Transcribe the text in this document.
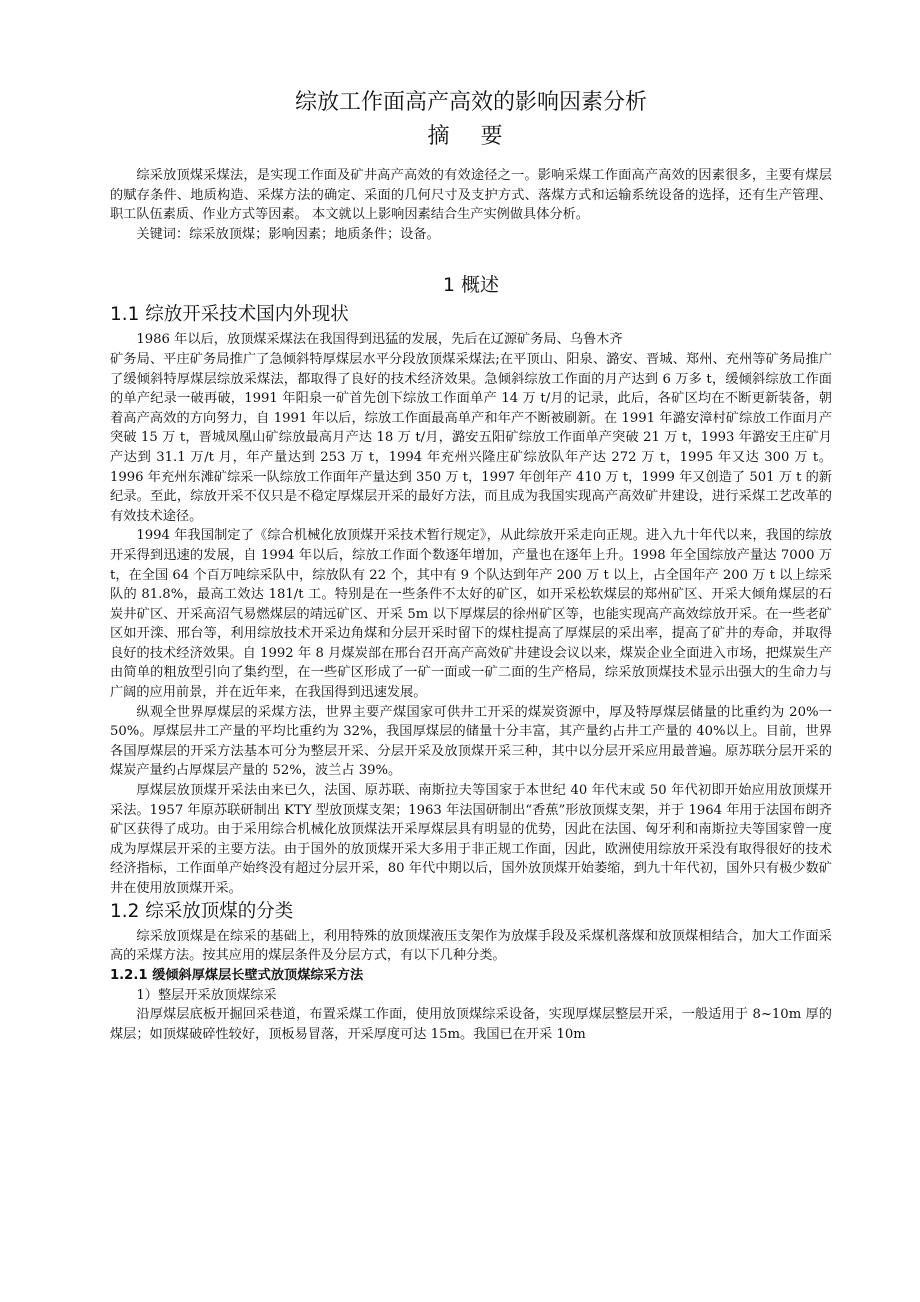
综放工作面高产高效的影响因素分析
摘 要

综采放顶煤采煤法，是实现工作面及矿井高产高效的有效途径之一。影响采煤工作面高产高效的因素很多，主要有煤层的赋存条件、地质构造、采煤方法的确定、采面的几何尺寸及支护方式、落煤方式和运输系统设备的选择，还有生产管理、职工队伍素质、作业方式等因素。 本文就以上影响因素结合生产实例做具体分析。

关键词：综采放顶煤；影响因素；地质条件；设备。

1 概述
1.1 综放开采技术国内外现状

1986 年以后，放顶煤采煤法在我国得到迅猛的发展，先后在辽源矿务局、乌鲁木齐

矿务局、平庄矿务局推广了急倾斜特厚煤层水平分段放顶煤采煤法;在平顶山、阳泉、潞安、晋城、郑州、充州等矿务局推广了缓倾斜特厚煤层综放采煤法，都取得了良好的技术经济效果。急倾斜综放工作面的月产达到 6 万多 t，缓倾斜综放工作面的单产纪录一破再破，1991 年阳泉一矿首先创下综放工作面单产 14 万 t/月的记录，此后，各矿区均在不断更新装备，朝着高产高效的方向努力，自 1991 年以后，综放工作面最高单产和年产不断被刷新。在 1991 年潞安漳村矿综放工作面月产突破 15 万 t，晋城凤凰山矿综放最高月产达 18 万 t/月，潞安五阳矿综放工作面单产突破 21 万 t，1993 年潞安王庄矿月产达到 31.1 万/t 月，年产量达到 253 万 t，1994 年充州兴隆庄矿综放队年产达 272 万 t，1995 年又达 300 万 t。1996 年充州东滩矿综采一队综放工作面年产量达到 350 万 t，1997 年创年产 410 万 t，1999 年又创造了 501 万 t 的新纪录。至此，综放开采不仅只是不稳定厚煤层开采的最好方法，而且成为我国实现高产高效矿井建设，进行采煤工艺改革的有效技术途径。

1994 年我国制定了《综合机械化放顶煤开采技术暂行规定》，从此综放开采走向正规。进入九十年代以来，我国的综放开采得到迅速的发展，自 1994 年以后，综放工作面个数逐年增加，产量也在逐年上升。1998 年全国综放产量达 7000 万 t，在全国 64 个百万吨综采队中，综放队有 22 个，其中有 9 个队达到年产 200 万 t 以上，占全国年产 200 万 t 以上综采队的 81.8%，最高工效达 181/t 工。特别是在一些条件不太好的矿区，如开采松软煤层的郑州矿区、开采大倾角煤层的石炭井矿区、开采高沼气易燃煤层的靖远矿区、开采 5m 以下厚煤层的徐州矿区等，也能实现高产高效综放开采。在一些老矿区如开滦、邢台等，利用综放技术开采边角煤和分层开采时留下的煤柱提高了厚煤层的采出率，提高了矿井的寿命，并取得良好的技术经济效果。自 1992 年 8 月煤炭部在邢台召开高产高效矿井建设会议以来，煤炭企业全面进入市场，把煤炭生产由简单的粗放型引向了集约型，在一些矿区形成了一矿一面或一矿二面的生产格局，综采放顶煤技术显示出强大的生命力与广阔的应用前景，并在近年来，在我国得到迅速发展。

纵观全世界厚煤层的采煤方法，世界主要产煤国家可供井工开采的煤炭资源中，厚及特厚煤层储量的比重约为 20%一 50%。厚煤层井工产量的平均比重约为 32%，我国厚煤层的储量十分丰富，其产量约占井工产量的 40%以上。目前，世界各国厚煤层的开采方法基本可分为整层开采、分层开采及放顶煤开采三种，其中以分层开采应用最普遍。原苏联分层开采的煤炭产量约占厚煤层产量的 52%，波兰占 39%。

厚煤层放顶煤开采法由来已久，法国、原苏联、南斯拉夫等国家于本世纪 40 年代末或 50 年代初即开始应用放顶煤开采法。1957 年原苏联研制出 KTY 型放顶煤支架；1963 年法国研制出“香蕉”形放顶煤支架，并于 1964 年用于法国布朗齐矿区获得了成功。由于采用综合机械化放顶煤法开采厚煤层具有明显的优势，因此在法国、匈牙利和南斯拉夫等国家曾一度成为厚煤层开采的主要方法。由于国外的放顶煤开采大多用于非正规工作面，因此，欧洲使用综放开采没有取得很好的技术经济指标，工作面单产始终没有超过分层开采，80 年代中期以后，国外放顶煤开始萎缩，到九十年代初，国外只有极少数矿井在使用放顶煤开采。

1.2 综采放顶煤的分类

综采放顶煤是在综采的基础上，利用特殊的放顶煤液压支架作为放煤手段及采煤机落煤和放顶煤相结合，加大工作面采高的采煤方法。按其应用的煤层条件及分层方式，有以下几种分类。

1.2.1 缓倾斜厚煤层长壁式放顶煤综采方法

1）整层开采放顶煤综采

沿厚煤层底板开掘回采巷道，布置采煤工作面，使用放顶煤综采设备，实现厚煤层整层开采，一般适用于 8~10m 厚的煤层；如顶煤破碎性较好，顶板易冒落，开采厚度可达 15m。我国已在开采 10m
